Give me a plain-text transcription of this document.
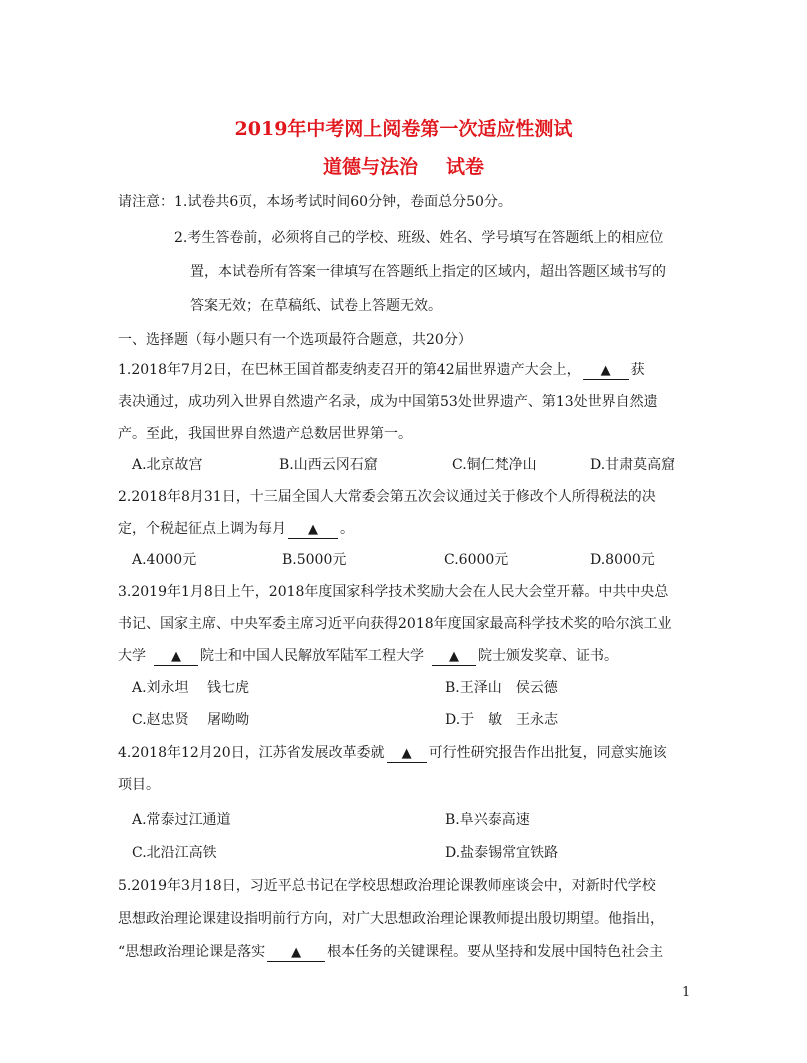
2019年中考网上阅卷第一次适应性测试
道德与法治 试卷
请注意：1.试卷共6页，本场考试时间60分钟，卷面总分50分。
2.考生答卷前，必须将自己的学校、班级、姓名、学号填写在答题纸上的相应位
置，本试卷所有答案一律填写在答题纸上指定的区域内，超出答题区域书写的
答案无效；在草稿纸、试卷上答题无效。
一、选择题（每小题只有一个选项最符合题意，共20分）
1.2018年7月2日，在巴林王国首都麦纳麦召开的第42届世界遗产大会上， ▲ 获
表决通过，成功列入世界自然遗产名录，成为中国第53处世界遗产、第13处世界自然遗
产。至此，我国世界自然遗产总数居世界第一。
A.北京故宫	B.山西云冈石窟	C.铜仁梵净山	D.甘肃莫高窟
2.2018年8月31日，十三届全国人大常委会第五次会议通过关于修改个人所得税法的决
定，个税起征点上调为每月 ▲ 。
A.4000元	B.5000元	C.6000元	D.8000元
3.2019年1月8日上午，2018年度国家科学技术奖励大会在人民大会堂开幕。中共中央总
书记、国家主席、中央军委主席习近平向获得2018年度国家最高科学技术奖的哈尔滨工业
大学 ▲ 院士和中国人民解放军陆军工程大学 ▲ 院士颁发奖章、证书。
A.刘永坦　 钱七虎	B.王泽山　侯云德
C.赵忠贤　 屠呦呦	D.于　敏　王永志
4.2018年12月20日，江苏省发展改革委就 ▲ 可行性研究报告作出批复，同意实施该
项目。
A.常泰过江通道	B.阜兴泰高速
C.北沿江高铁	D.盐泰锡常宜铁路
5.2019年3月18日，习近平总书记在学校思想政治理论课教师座谈会中，对新时代学校
思想政治理论课建设指明前行方向，对广大思想政治理论课教师提出殷切期望。他指出，
“思想政治理论课是落实 ▲ 根本任务的关键课程。要从坚持和发展中国特色社会主
1
